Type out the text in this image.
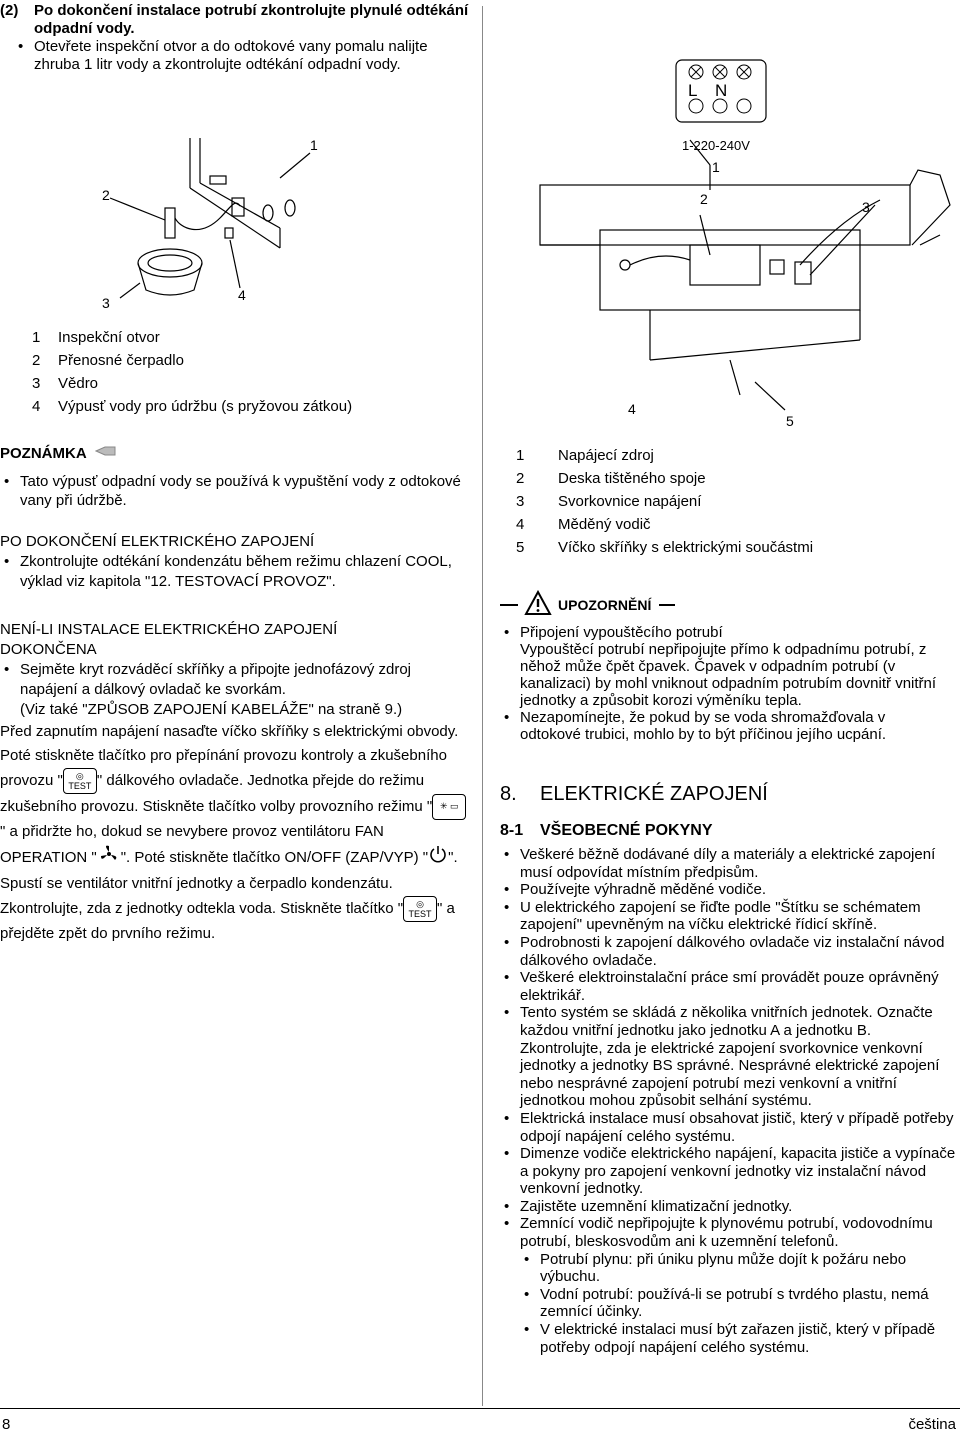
(2)	Po dokončení instalace potrubí zkontrolujte plynulé odtékání odpadní vody.
• Otevřete inspekční otvor a do odtokové vany pomalu nalijte zhruba 1 litr vody a zkontrolujte odtékání odpadní vody.
1
2
3	4
1	Inspekční otvor
2	Přenosné čerpadlo
3	Vědro
4	Výpusť vody pro údržbu (s pryžovou zátkou)
POZNÁMKA
• Tato výpusť odpadní vody se používá k vypuštění vody z odtokové vany při údržbě.
PO DOKONČENÍ ELEKTRICKÉHO ZAPOJENÍ
• Zkontrolujte odtékání kondenzátu během režimu chlazení COOL, výklad viz kapitola "12. TESTOVACÍ PROVOZ".
NENÍ-LI INSTALACE ELEKTRICKÉHO ZAPOJENÍ DOKONČENA
• Sejměte kryt rozváděcí skříňky a připojte jednofázový zdroj napájení a dálkový ovladač ke svorkám.
(Viz také "ZPŮSOB ZAPOJENÍ KABELÁŽE" na straně 9.)
Před zapnutím napájení nasaďte víčko skříňky s elektrickými obvody.
Poté stiskněte tlačítko pro přepínání provozu kontroly a zkušebního provozu "	◎
TEST " dálkového ovladače. Jednotka přejde do režimu zkušebního provozu. Stiskněte tlačítko volby provozního režimu " ✳ ▭
" a přidržte ho, dokud se nevybere provoz ventilátoru FAN OPERATION " ". Poté stiskněte tlačítko ON/OFF (ZAP/VYP) " ". Spustí se ventilátor vnitřní jednotky a čerpadlo kondenzátu. Zkontrolujte, zda z jednotky odtekla voda. Stiskněte tlačítko "	◎
TEST " a přejděte zpět do prvního režimu.
L N
1-220-240V
1
2	3
4
5
1	Napájecí zdroj
2	Deska tištěného spoje
3	Svorkovnice napájení
4	Měděný vodič
5	Víčko skříňky s elektrickými součástmi
UPOZORNĚNÍ
• Připojení vypouštěcího potrubí
Vypouštěcí potrubí nepřipojujte přímo k odpadnímu potrubí, z něhož může čpět čpavek. Čpavek v odpadním potrubí (v kanalizaci) by mohl vniknout odpadním potrubím dovnitř vnitřní jednotky a způsobit korozi výměníku tepla.
• Nezapomínejte, že pokud by se voda shromažďovala v odtokové trubici, mohlo by to být příčinou jejího ucpání.
8. ELEKTRICKÉ ZAPOJENÍ
8-1 VŠEOBECNÉ POKYNY
• Veškeré běžně dodávané díly a materiály a elektrické zapojení musí odpovídat místním předpisům.
• Používejte výhradně měděné vodiče.
• U elektrického zapojení se řiďte podle "Štítku se schématem zapojení" upevněným na víčku elektrické řídicí skříně.
• Podrobnosti k zapojení dálkového ovladače viz instalační návod dálkového ovladače.
• Veškeré elektroinstalační práce smí provádět pouze oprávněný elektrikář.
• Tento systém se skládá z několika vnitřních jednotek. Označte každou vnitřní jednotku jako jednotku A a jednotku B. Zkontrolujte, zda je elektrické zapojení svorkovnice venkovní jednotky a jednotky BS správné. Nesprávné elektrické zapojení nebo nesprávné zapojení potrubí mezi venkovní a vnitřní jednotkou mohou způsobit selhání systému.
• Elektrická instalace musí obsahovat jistič, který v případě potřeby odpojí napájení celého systému.
• Dimenze vodiče elektrického napájení, kapacita jističe a vypínače a pokyny pro zapojení venkovní jednotky viz instalační návod venkovní jednotky.
• Zajistěte uzemnění klimatizační jednotky.
• Zemnící vodič nepřipojujte k plynovému potrubí, vodovodnímu potrubí, bleskosvodům ani k uzemnění telefonů.
• Potrubí plynu: při úniku plynu může dojít k požáru nebo výbuchu.
• Vodní potrubí: používá-li se potrubí s tvrdého plastu, nemá zemnící účinky.
• V elektrické instalaci musí být zařazen jistič, který v případě potřeby odpojí napájení celého systému.
8	čeština
